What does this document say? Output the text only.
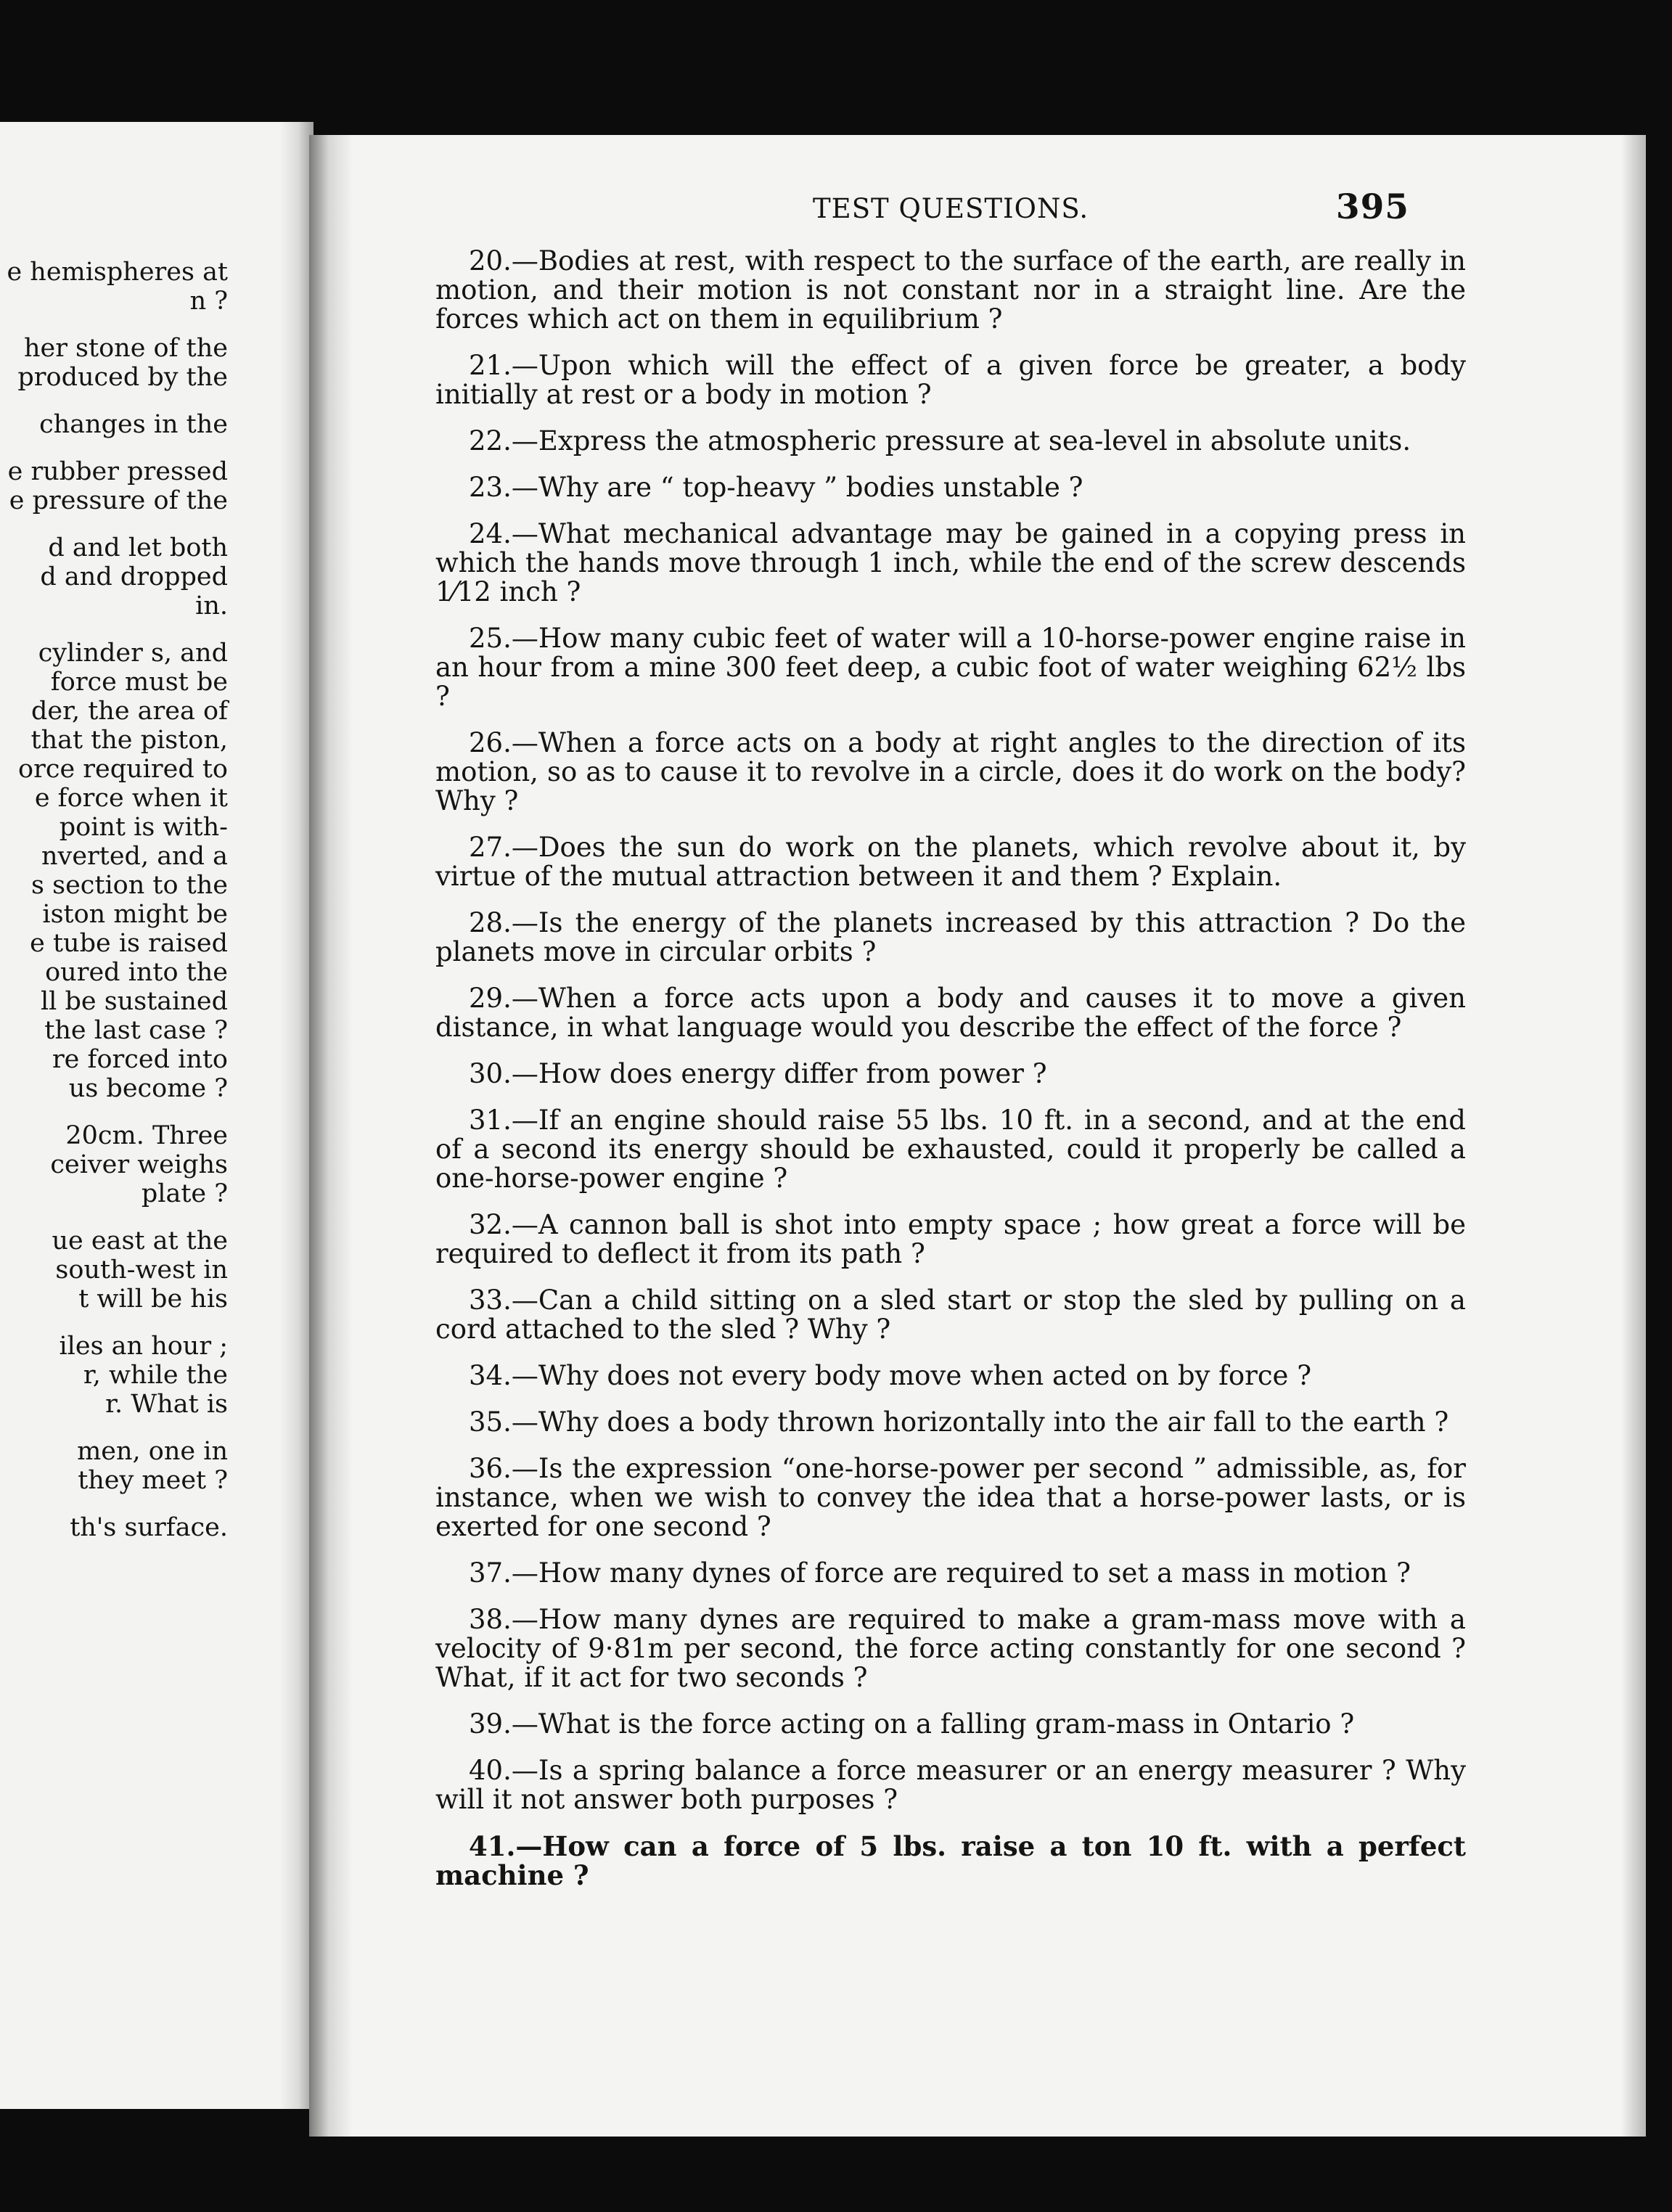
e hemispheres at
n ?
her stone of the
produced by the
changes in the
e rubber pressed
e pressure of the
d and let both
d and dropped
in.
cylinder s, and
force must be
der, the area of
that the piston,
orce required to
e force when it
point is with-
nverted, and a
s section to the
iston might be
e tube is raised
oured into the
ll be sustained
the last case ?
re forced into
us become ?
20cm. Three
ceiver weighs
plate ?
ue east at the
south-west in
t will be his
iles an hour ;
r, while the
r. What is
men, one in
they meet ?
th's surface.
TEST QUESTIONS.	395

20.—Bodies at rest, with respect to the surface of the earth, are really in motion, and their motion is not constant nor in a straight line. Are the forces which act on them in equilibrium ?

21.—Upon which will the effect of a given force be greater, a body initially at rest or a body in motion ?

22.—Express the atmospheric pressure at sea-level in absolute units.

23.—Why are “ top-heavy ” bodies unstable ?

24.—What mechanical advantage may be gained in a copying press in which the hands move through 1 inch, while the end of the screw descends 1⁄12 inch ?

25.—How many cubic feet of water will a 10-horse-power engine raise in an hour from a mine 300 feet deep, a cubic foot of water weighing 62½ lbs ?

26.—When a force acts on a body at right angles to the direction of its motion, so as to cause it to revolve in a circle, does it do work on the body? Why ?

27.—Does the sun do work on the planets, which revolve about it, by virtue of the mutual attraction between it and them ? Explain.

28.—Is the energy of the planets increased by this attraction ? Do the planets move in circular orbits ?

29.—When a force acts upon a body and causes it to move a given distance, in what language would you describe the effect of the force ?

30.—How does energy differ from power ?

31.—If an engine should raise 55 lbs. 10 ft. in a second, and at the end of a second its energy should be exhausted, could it properly be called a one-horse-power engine ?

32.—A cannon ball is shot into empty space ; how great a force will be required to deflect it from its path ?

33.—Can a child sitting on a sled start or stop the sled by pulling on a cord attached to the sled ? Why ?

34.—Why does not every body move when acted on by force ?

35.—Why does a body thrown horizontally into the air fall to the earth ?

36.—Is the expression “one-horse-power per second ” admissible, as, for instance, when we wish to convey the idea that a horse-power lasts, or is exerted for one second ?

37.—How many dynes of force are required to set a mass in motion ?

38.—How many dynes are required to make a gram-mass move with a velocity of 9·81m per second, the force acting constantly for one second ? What, if it act for two seconds ?

39.—What is the force acting on a falling gram-mass in Ontario ?

40.—Is a spring balance a force measurer or an energy measurer ? Why will it not answer both purposes ?

41.—How can a force of 5 lbs. raise a ton 10 ft. with a perfect machine ?
